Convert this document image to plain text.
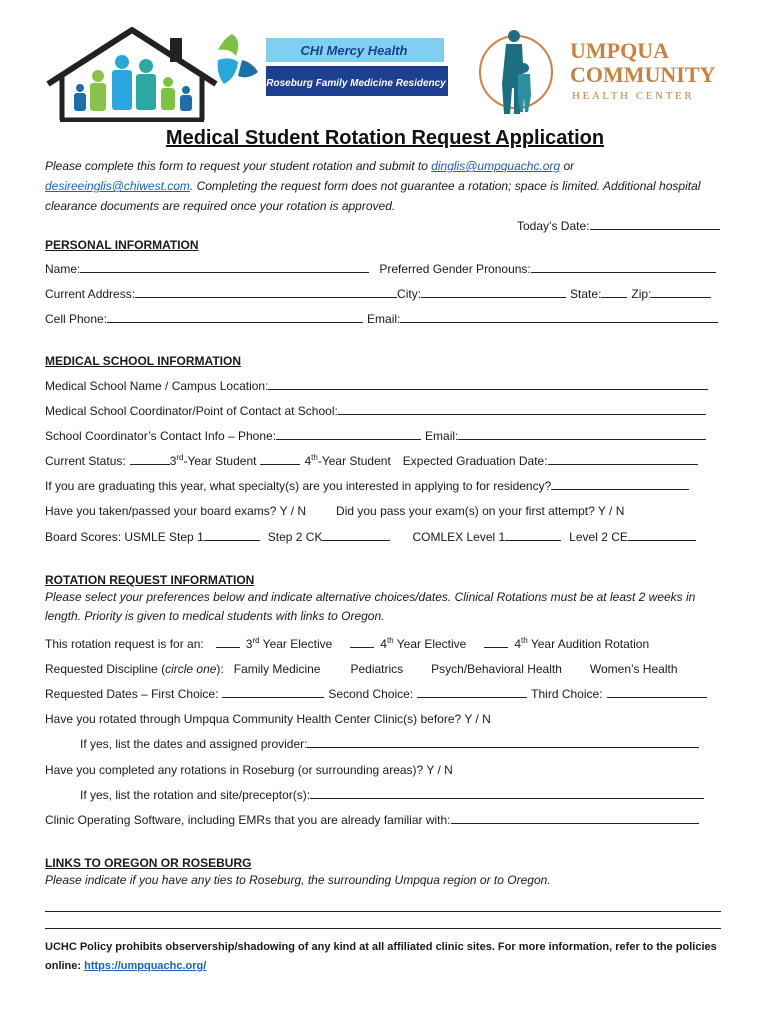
CHI Mercy Health
Roseburg Family Medicine Residency
UMPQUA
COMMUNITY
HEALTH CENTER
Medical Student Rotation Request Application
Please complete this form to request your student rotation and submit to dinglis@umpquachc.org or
desireeinglis@chiwest.com. Completing the request form does not guarantee a rotation; space is limited. Additional hospital clearance documents are required once your rotation is approved.
Today’s Date:
PERSONAL INFORMATION
Name:	Preferred Gender Pronouns:
Current Address:	City:	State:	Zip:
Cell Phone:	Email:
MEDICAL SCHOOL INFORMATION
Medical School Name / Campus Location:
Medical School Coordinator/Point of Contact at School:
School Coordinator’s Contact Info – Phone:	Email:
Current Status:	3rd-Year Student	4th-Year Student Expected Graduation Date:
If you are graduating this year, what specialty(s) are you interested in applying to for residency?
Have you taken/passed your board exams? Y / N	Did you pass your exam(s) on your first attempt? Y / N
Board Scores: USMLE Step 1	Step 2 CK	COMLEX Level 1	Level 2 CE
ROTATION REQUEST INFORMATION
Please select your preferences below and indicate alternative choices/dates. Clinical Rotations must be at least 2 weeks in length. Priority is given to medical students with links to Oregon.
This rotation request is for an:	3rd Year Elective	4th Year Elective	4th Year Audition Rotation
Requested Discipline (circle one): Family Medicine	Pediatrics Psych/Behavioral Health Women’s Health
Requested Dates – First Choice:	Second Choice:	Third Choice:
Have you rotated through Umpqua Community Health Center Clinic(s) before? Y / N
If yes, list the dates and assigned provider:
Have you completed any rotations in Roseburg (or surrounding areas)? Y / N
If yes, list the rotation and site/preceptor(s):
Clinic Operating Software, including EMRs that you are already familiar with:
LINKS TO OREGON OR ROSEBURG
Please indicate if you have any ties to Roseburg, the surrounding Umpqua region or to Oregon.
UCHC Policy prohibits observership/shadowing of any kind at all affiliated clinic sites. For more information, refer to the policies online: https://umpquachc.org/
